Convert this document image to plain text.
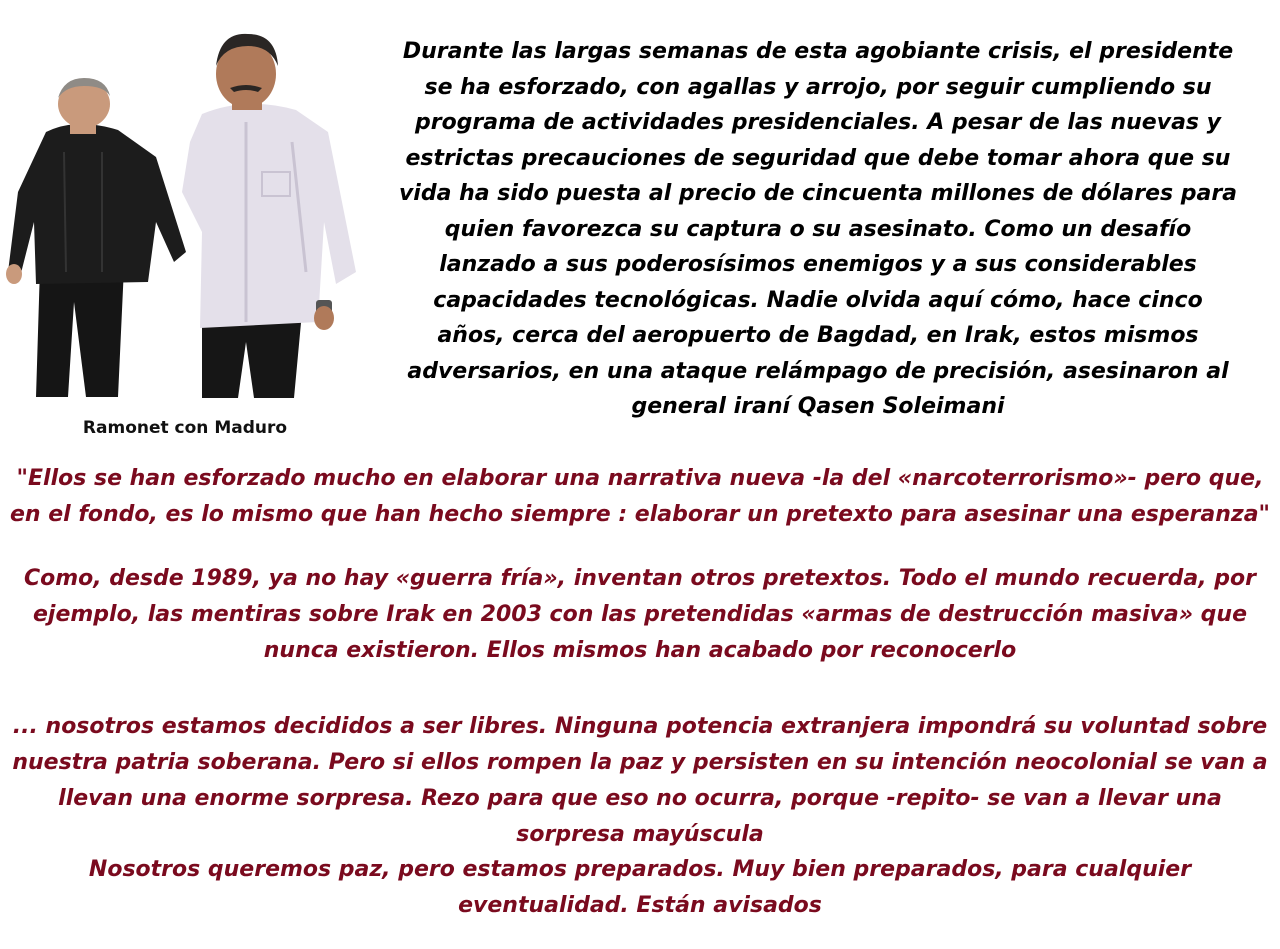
Ramonet con Maduro
Durante las largas semanas de esta agobiante crisis, el presidente se ha esforzado, con agallas y arrojo, por seguir cumpliendo su programa de actividades presidenciales. A pesar de las nuevas y estrictas precauciones de seguridad que debe tomar ahora que su vida ha sido puesta al precio de cincuenta millones de dólares para quien favorezca su captura o su asesinato. Como un desafío lanzado a sus poderosísimos enemigos y a sus considerables capacidades tecnológicas. Nadie olvida aquí cómo, hace cinco años, cerca del aeropuerto de Bagdad, en Irak, estos mismos adversarios, en una ataque relámpago de precisión, asesinaron al general iraní Qasen Soleimani
"Ellos se han esforzado mucho en elaborar una narrativa nueva -la del «narcoterrorismo»- pero que,
en el fondo, es lo mismo que han hecho siempre : elaborar un pretexto para asesinar una esperanza"
Como, desde 1989, ya no hay «guerra fría», inventan otros pretextos. Todo el mundo recuerda, por
ejemplo, las mentiras sobre Irak en 2003 con las pretendidas «armas de destrucción masiva» que
nunca existieron. Ellos mismos han acabado por reconocerlo
... nosotros estamos decididos a ser libres. Ninguna potencia extranjera impondrá su voluntad sobre
nuestra patria soberana. Pero si ellos rompen la paz y persisten en su intención neocolonial se van a
llevan una enorme sorpresa. Rezo para que eso no ocurra, porque -repito- se van a llevar una
sorpresa mayúscula
Nosotros queremos paz, pero estamos preparados. Muy bien preparados, para cualquier
eventualidad. Están avisados
